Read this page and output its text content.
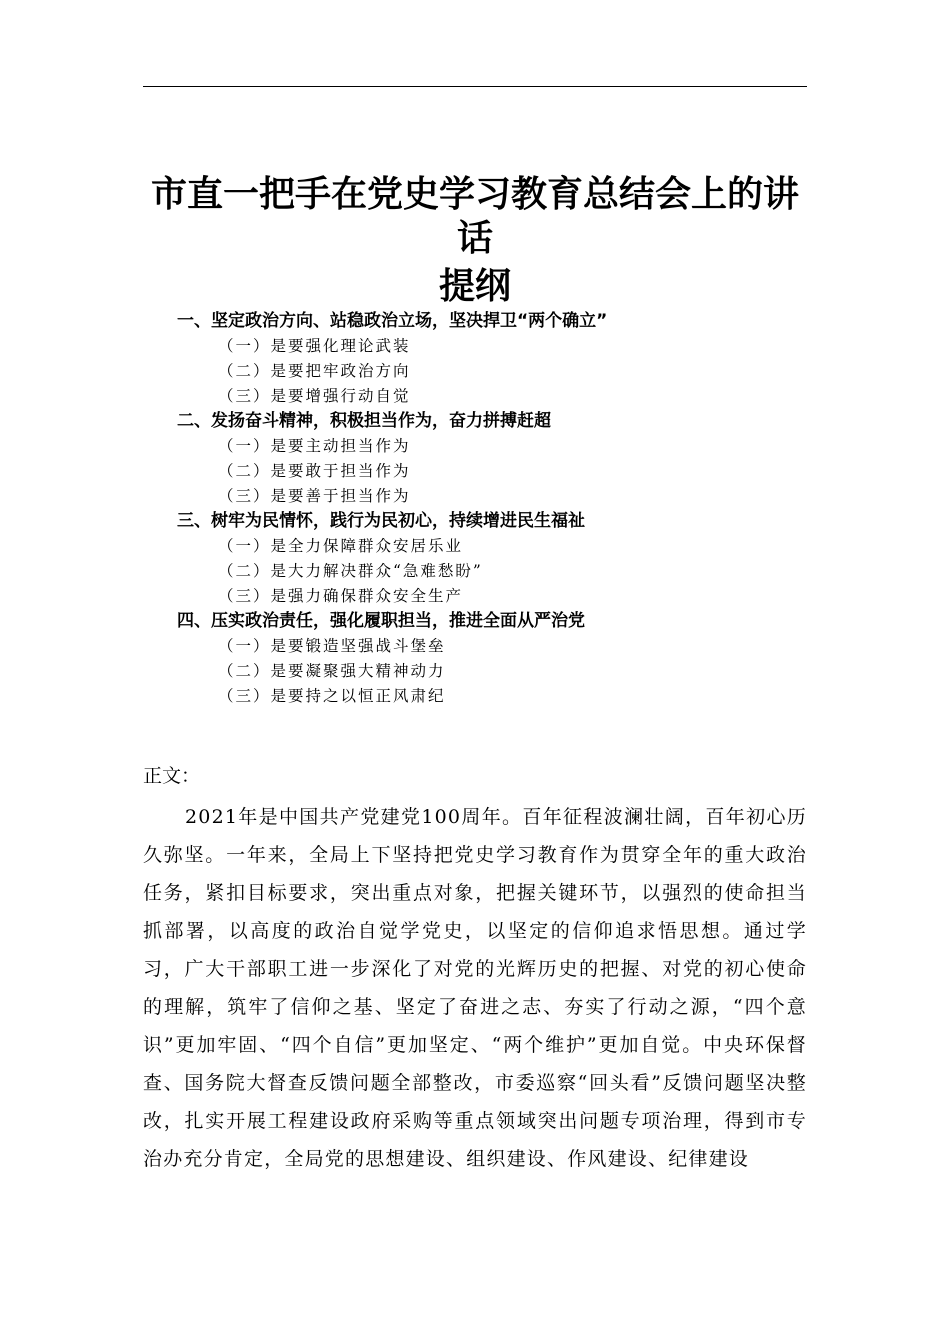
市直一把手在党史学习教育总结会上的讲
话
提纲
一、坚定政治方向、站稳政治立场，坚决捍卫“两个确立”
（一）是要强化理论武装
（二）是要把牢政治方向
（三）是要增强行动自觉
二、发扬奋斗精神，积极担当作为，奋力拼搏赶超
（一）是要主动担当作为
（二）是要敢于担当作为
（三）是要善于担当作为
三、树牢为民情怀，践行为民初心，持续增进民生福祉
（一）是全力保障群众安居乐业
（二）是大力解决群众“急难愁盼”
（三）是强力确保群众安全生产
四、压实政治责任，强化履职担当，推进全面从严治党
（一）是要锻造坚强战斗堡垒
（二）是要凝聚强大精神动力
（三）是要持之以恒正风肃纪
正文：
2021年是中国共产党建党100周年。百年征程波澜壮阔，百年初心历久弥坚。一年来，全局上下坚持把党史学习教育作为贯穿全年的重大政治任务，紧扣目标要求，突出重点对象，把握关键环节，以强烈的使命担当抓部署，以高度的政治自觉学党史，以坚定的信仰追求悟思想。通过学习，广大干部职工进一步深化了对党的光辉历史的把握、对党的初心使命的理解，筑牢了信仰之基、坚定了奋进之志、夯实了行动之源，“四个意识”更加牢固、“四个自信”更加坚定、“两个维护”更加自觉。中央环保督查、国务院大督查反馈问题全部整改，市委巡察“回头看”反馈问题坚决整改，扎实开展工程建设政府采购等重点领域突出问题专项治理，得到市专治办充分肯定，全局党的思想建设、组织建设、作风建设、纪律建设
